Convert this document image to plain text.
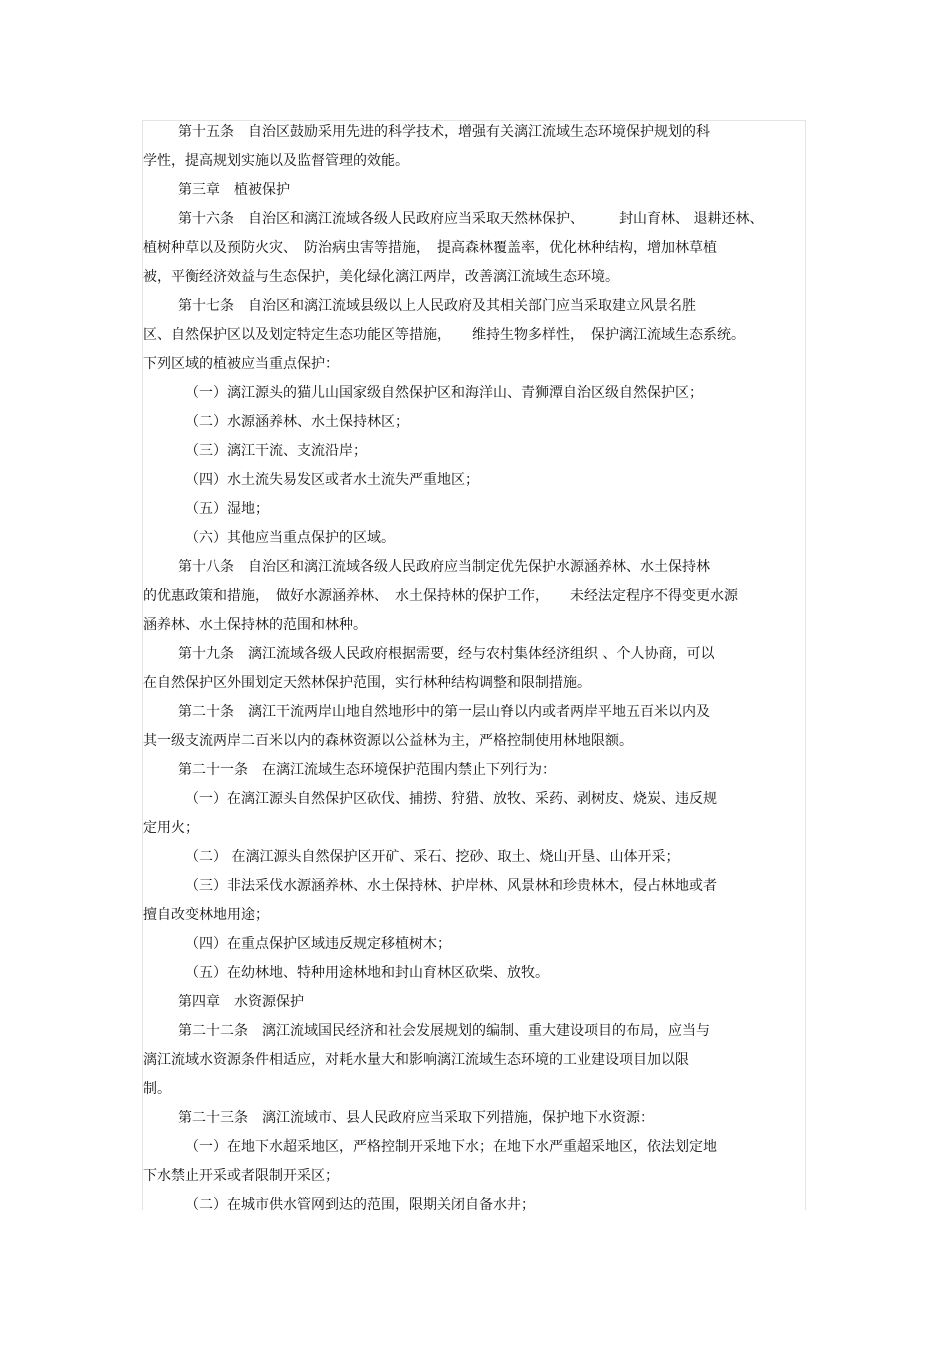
第十五条　自治区鼓励采用先进的科学技术，增强有关漓江流域生态环境保护规划的科
学性，提高规划实施以及监督管理的效能。
第三章　植被保护
第十六条　自治区和漓江流域各级人民政府应当采取天然林保护、　　　封山育林、 退耕还林、
植树种草以及预防火灾、　防治病虫害等措施，　提高森林覆盖率，优化林种结构，增加林草植
被，平衡经济效益与生态保护，美化绿化漓江两岸，改善漓江流域生态环境。
第十七条　自治区和漓江流域县级以上人民政府及其相关部门应当采取建立风景名胜
区、自然保护区以及划定特定生态功能区等措施，　　维持生物多样性，　保护漓江流域生态系统。
下列区域的植被应当重点保护：
（一）漓江源头的猫儿山国家级自然保护区和海洋山、青狮潭自治区级自然保护区；
（二）水源涵养林、水土保持林区；
（三）漓江干流、支流沿岸；
（四）水土流失易发区或者水土流失严重地区；
（五）湿地；
（六）其他应当重点保护的区域。
第十八条　自治区和漓江流域各级人民政府应当制定优先保护水源涵养林、水土保持林
的优惠政策和措施，　做好水源涵养林、　水土保持林的保护工作，　　未经法定程序不得变更水源
涵养林、水土保持林的范围和林种。
第十九条　漓江流域各级人民政府根据需要，经与农村集体经济组织 、个人协商，可以
在自然保护区外围划定天然林保护范围，实行林种结构调整和限制措施。
第二十条　漓江干流两岸山地自然地形中的第一层山脊以内或者两岸平地五百米以内及
其一级支流两岸二百米以内的森林资源以公益林为主，严格控制使用林地限额。
第二十一条　在漓江流域生态环境保护范围内禁止下列行为：
（一）在漓江源头自然保护区砍伐、捕捞、狩猎、放牧、采药、剥树皮、烧炭、违反规
定用火；
（二） 在漓江源头自然保护区开矿、采石、挖砂、取土、烧山开垦、山体开采；
（三）非法采伐水源涵养林、水土保持林、护岸林、风景林和珍贵林木，侵占林地或者
擅自改变林地用途；
（四）在重点保护区域违反规定移植树木；
（五）在幼林地、特种用途林地和封山育林区砍柴、放牧。
第四章　水资源保护
第二十二条　漓江流域国民经济和社会发展规划的编制、重大建设项目的布局，应当与
漓江流域水资源条件相适应，对耗水量大和影响漓江流域生态环境的工业建设项目加以限
制。
第二十三条　漓江流域市、县人民政府应当采取下列措施，保护地下水资源：
（一）在地下水超采地区，严格控制开采地下水；在地下水严重超采地区，依法划定地
下水禁止开采或者限制开采区；
（二）在城市供水管网到达的范围，限期关闭自备水井；
